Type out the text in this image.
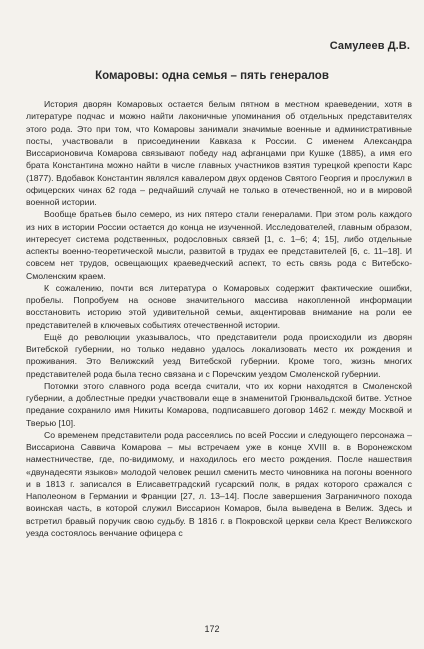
Самулеев Д.В.
Комаровы: одна семья – пять генералов

История дворян Комаровых остается белым пятном в местном краеведении, хотя в литературе подчас и можно найти лаконичные упоминания об отдельных представителях этого рода. Это при том, что Комаровы занимали значимые военные и административные посты, участвовали в присоединении Кавказа к России. С именем Александра Виссарионовича Комарова связывают победу над афганцами при Кушке (1885), а имя его брата Константина можно найти в числе главных участников взятия турецкой крепости Карс (1877). Вдобавок Константин являлся кавалером двух орденов Святого Георгия и прослужил в офицерских чинах 62 года – редчайший случай не только в отечественной, но и в мировой военной истории.

Вообще братьев было семеро, из них пятеро стали генералами. При этом роль каждого из них в истории России остается до конца не изученной. Исследователей, главным образом, интересует система родственных, родословных связей [1, с. 1–6; 4; 15], либо отдельные аспекты военно-теоретической мысли, развитой в трудах ее представителей [6, с. 11–18]. И совсем нет трудов, освещающих краеведческий аспект, то есть связь рода с Витебско-Смоленским краем.

К сожалению, почти вся литература о Комаровых содержит фактические ошибки, пробелы. Попробуем на основе значительного массива накопленной информации восстановить историю этой удивительной семьи, акцентировав внимание на роли ее представителей в ключевых событиях отечественной истории.

Ещё до революции указывалось, что представители рода происходили из дворян Витебской губернии, но только недавно удалось локализовать место их рождения и проживания. Это Велижский уезд Витебской губернии. Кроме того, жизнь многих представителей рода была тесно связана и с Поречским уездом Смоленской губернии.

Потомки этого славного рода всегда считали, что их корни находятся в Смоленской губернии, а доблестные предки участвовали еще в знаменитой Грюнвальдской битве. Устное предание сохранило имя Никиты Комарова, подписавшего договор 1462 г. между Москвой и Тверью [10].

Со временем представители рода рассеялись по всей России и следующего персонажа – Виссариона Саввича Комарова – мы встречаем уже в конце XVIII в. в Воронежском наместничестве, где, по-видимому, и находилось его место рождения. После нашествия «двунадесяти языков» молодой человек решил сменить место чиновника на погоны военного и в 1813 г. записался в Елисаветградский гусарский полк, в рядах которого сражался с Наполеоном в Германии и Франции [27, л. 13–14]. После завершения Заграничного похода воинская часть, в которой служил Виссарион Комаров, была выведена в Велиж. Здесь и встретил бравый поручик свою судьбу. В 1816 г. в Покровской церкви села Крест Велижского уезда состоялось венчание офицера с

172
